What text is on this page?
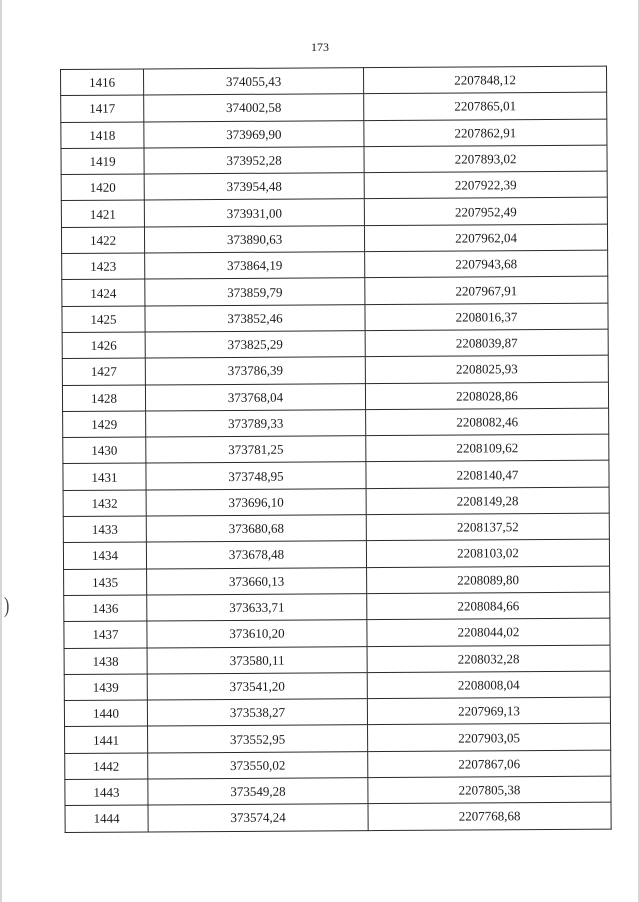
173
1416	374055,43	2207848,12
1417	374002,58	2207865,01
1418	373969,90	2207862,91
1419	373952,28	2207893,02
1420	373954,48	2207922,39
1421	373931,00	2207952,49
1422	373890,63	2207962,04
1423	373864,19	2207943,68
1424	373859,79	2207967,91
1425	373852,46	2208016,37
1426	373825,29	2208039,87
1427	373786,39	2208025,93
1428	373768,04	2208028,86
1429	373789,33	2208082,46
1430	373781,25	2208109,62
1431	373748,95	2208140,47
1432	373696,10	2208149,28
1433	373680,68	2208137,52
1434	373678,48	2208103,02
1435	373660,13	2208089,80
1436	373633,71	2208084,66
1437	373610,20	2208044,02
1438	373580,11	2208032,28
1439	373541,20	2208008,04
1440	373538,27	2207969,13
1441	373552,95	2207903,05
1442	373550,02	2207867,06
1443	373549,28	2207805,38
1444	373574,24	2207768,68
)
